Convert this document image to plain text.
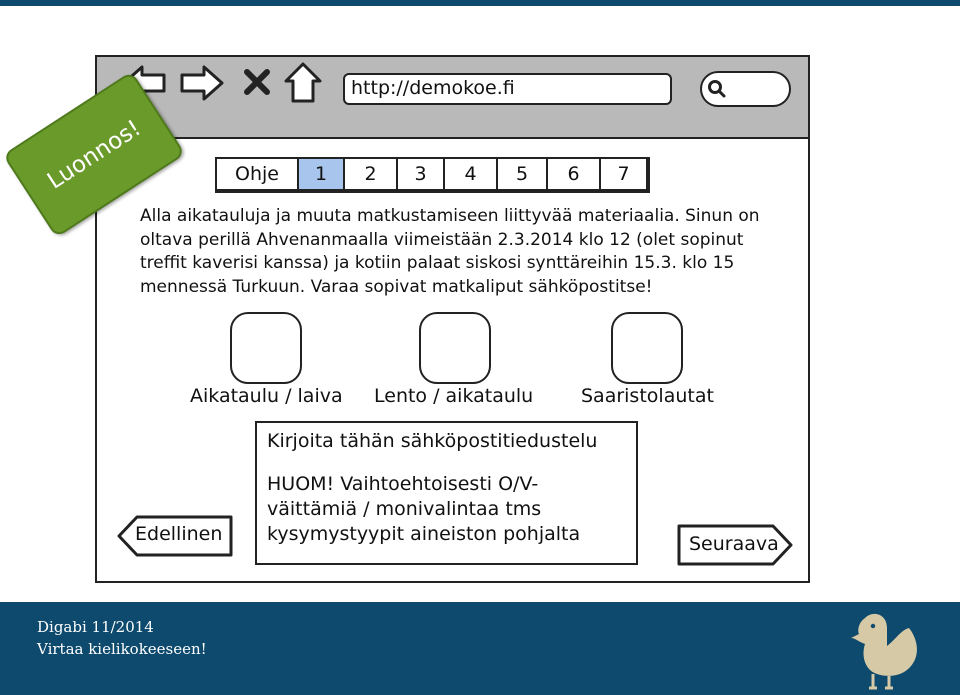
http://demokoe.fi
Ohje	1	2	3	4	5	6	7
Alla aikatauluja ja muuta matkustamiseen liittyvää materiaalia. Sinun on oltava perillä Ahvenanmaalla viimeistään 2.3.2014 klo 12 (olet sopinut treffit kaverisi kanssa) ja kotiin palaat siskosi synttäreihin 15.3. klo 15 mennessä Turkuun. Varaa sopivat matkaliput sähköpostitse!
Aikataulu / laiva Lento / aikataulu	Saaristolautat
Kirjoita tähän sähköpostitiedustelu
HUOM! Vaihtoehtoisesti O/V-
väittämiä / monivalintaa tms
kysymystyypit aineiston pohjalta
Edellinen	Seuraava
Luonnos!
Digabi 11/2014
Virtaa kielikokeeseen!
